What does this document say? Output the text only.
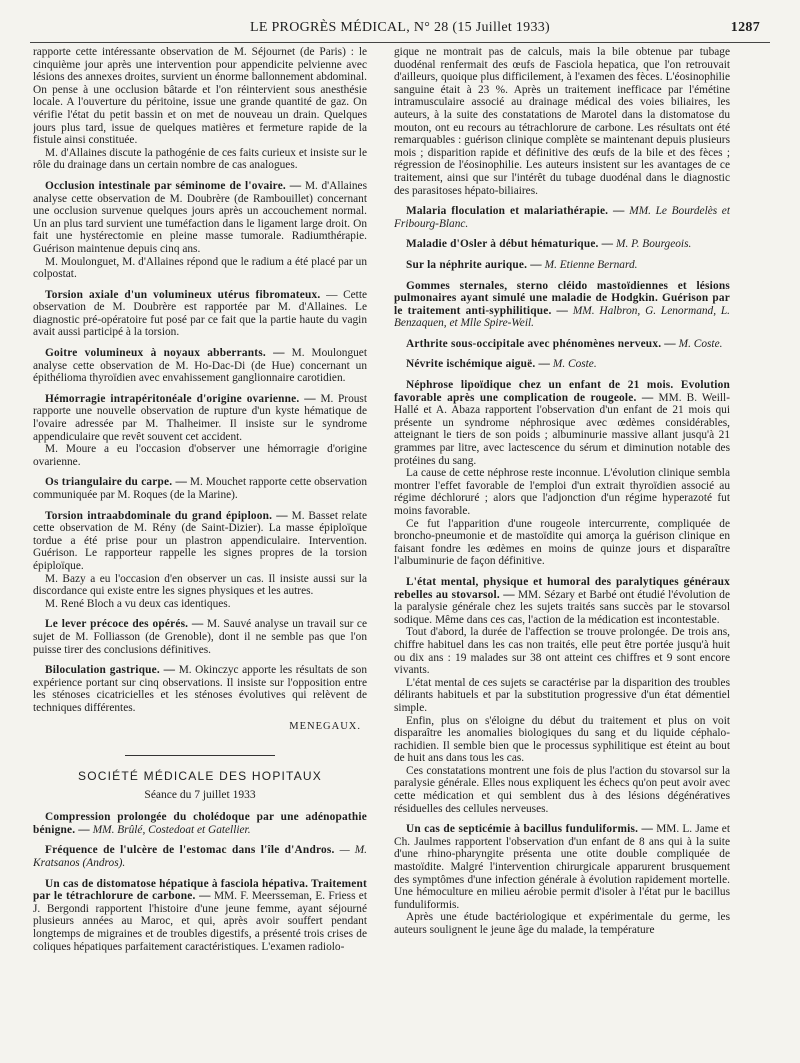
LE PROGRÈS MÉDICAL, N° 28 (15 Juillet 1933)	1287

rapporte cette intéressante observation de M. Séjournet (de Paris) : le cinquième jour après une intervention pour appendicite pelvienne avec lésions des annexes droites, survient un énorme ballonnement abdominal. On pense à une occlusion bâtarde et l'on réintervient sous anesthésie locale. A l'ouverture du péritoine, issue une grande quantité de gaz. On vérifie l'état du petit bassin et on met de nouveau un drain. Quelques jours plus tard, issue de quelques matières et fermeture rapide de la fistule ainsi constituée.

M. d'Allaines discute la pathogénie de ces faits curieux et insiste sur le rôle du drainage dans un certain nombre de cas analogues.

Occlusion intestinale par séminome de l'ovaire. — M. d'Allaines analyse cette observation de M. Doubrère (de Rambouillet) concernant une occlusion survenue quelques jours après un accouchement normal. Un an plus tard survient une tuméfaction dans le ligament large droit. On fait une hystérectomie en pleine masse tumorale. Radiumthérapie. Guérison maintenue depuis cinq ans.

M. Moulonguet, M. d'Allaines répond que le radium a été placé par un colpostat.

Torsion axiale d'un volumineux utérus fibromateux. — Cette observation de M. Doubrère est rapportée par M. d'Allaines. Le diagnostic pré-opératoire fut posé par ce fait que la partie haute du vagin avait aussi participé à la torsion.

Goitre volumineux à noyaux abberrants. — M. Moulonguet analyse cette observation de M. Ho-Dac-Di (de Hue) concernant un épithélioma thyroïdien avec envahissement ganglionnaire carotidien.

Hémorragie intrapéritonéale d'origine ovarienne. — M. Proust rapporte une nouvelle observation de rupture d'un kyste hématique de l'ovaire adressée par M. Thalheimer. Il insiste sur le syndrome appendiculaire que revêt souvent cet accident.

M. Moure a eu l'occasion d'observer une hémorragie d'origine ovarienne.

Os triangulaire du carpe. — M. Mouchet rapporte cette observation communiquée par M. Roques (de la Marine).

Torsion intraabdominale du grand épiploon. — M. Basset relate cette observation de M. Rény (de Saint-Dizier). La masse épiploïque tordue a été prise pour un plastron appendiculaire. Intervention. Guérison. Le rapporteur rappelle les signes propres de la torsion épiploïque.

M. Bazy a eu l'occasion d'en observer un cas. Il insiste aussi sur la discordance qui existe entre les signes physiques et les autres.

M. René Bloch a vu deux cas identiques.

Le lever précoce des opérés. — M. Sauvé analyse un travail sur ce sujet de M. Folliasson (de Grenoble), dont il ne semble pas que l'on puisse tirer des conclusions définitives.

Biloculation gastrique. — M. Okinczyc apporte les résultats de son expérience portant sur cinq observations. Il insiste sur l'opposition entre les sténoses cicatricielles et les sténoses évolutives qui relèvent de techniques différentes.

MENEGAUX.
SOCIÉTÉ MÉDICALE DES HOPITAUX
Séance du 7 juillet 1933

Compression prolongée du cholédoque par une adénopathie bénigne. — MM. Brûlé, Costedoat et Gatellier.

Fréquence de l'ulcère de l'estomac dans l'île d'Andros. — M. Kratsanos (Andros).

Un cas de distomatose hépatique à fasciola hépativa. Traitement par le tétrachlorure de carbone. — MM. F. Meersseman, E. Friess et J. Bergondi rapportent l'histoire d'une jeune femme, ayant séjourné plusieurs années au Maroc, et qui, après avoir souffert pendant longtemps de migraines et de troubles digestifs, a présenté trois crises de coliques hépatiques parfaitement caractéristiques. L'examen radiolo-

gique ne montrait pas de calculs, mais la bile obtenue par tubage duodénal renfermait des œufs de Fasciola hepatica, que l'on retrouvait d'ailleurs, quoique plus difficilement, à l'examen des fèces. L'éosinophilie sanguine était à 23 %. Après un traitement inefficace par l'émétine intramusculaire associé au drainage médical des voies biliaires, les auteurs, à la suite des constatations de Marotel dans la distomatose du mouton, ont eu recours au tétrachlorure de carbone. Les résultats ont été remarquables : guérison clinique complète se maintenant depuis plusieurs mois ; disparition rapide et définitive des œufs de la bile et des fèces ; régression de l'éosinophilie. Les auteurs insistent sur les avantages de ce traitement, ainsi que sur l'intérêt du tubage duodénal dans le diagnostic des parasitoses hépato-biliaires.

Malaria floculation et malariathérapie. — MM. Le Bourdelès et Fribourg-Blanc.

Maladie d'Osler à début hématurique. — M. P. Bourgeois.

Sur la néphrite aurique. — M. Etienne Bernard.

Gommes sternales, sterno cléido mastoïdiennes et lésions pulmonaires ayant simulé une maladie de Hodgkin. Guérison par le traitement anti-syphilitique. — MM. Halbron, G. Lenormand, L. Benzaquen, et Mlle Spire-Weil.

Arthrite sous-occipitale avec phénomènes nerveux. — M. Coste.

Névrite ischémique aiguë. — M. Coste.

Néphrose lipoïdique chez un enfant de 21 mois. Evolution favorable après une complication de rougeole. — MM. B. Weill-Hallé et A. Abaza rapportent l'observation d'un enfant de 21 mois qui présente un syndrome néphrosique avec œdèmes considérables, atteignant le tiers de son poids ; albuminurie massive allant jusqu'à 21 grammes par litre, avec lactescence du sérum et diminution notable des protéines du sang.

La cause de cette néphrose reste inconnue. L'évolution clinique sembla montrer l'effet favorable de l'emploi d'un extrait thyroïdien associé au régime déchloruré ; alors que l'adjonction d'un régime hyperazoté fut moins favorable.

Ce fut l'apparition d'une rougeole intercurrente, compliquée de broncho-pneumonie et de mastoïdite qui amorça la guérison clinique en faisant fondre les œdèmes en moins de quinze jours et disparaître l'albuminurie de façon définitive.

L'état mental, physique et humoral des paralytiques généraux rebelles au stovarsol. — MM. Sézary et Barbé ont étudié l'évolution de la paralysie générale chez les sujets traités sans succès par le stovarsol sodique. Même dans ces cas, l'action de la médication est incontestable.

Tout d'abord, la durée de l'affection se trouve prolongée. De trois ans, chiffre habituel dans les cas non traités, elle peut être portée jusqu'à huit ou dix ans : 19 malades sur 38 ont atteint ces chiffres et 9 sont encore vivants.

L'état mental de ces sujets se caractérise par la disparition des troubles délirants habituels et par la substitution progressive d'un état démentiel simple.

Enfin, plus on s'éloigne du début du traitement et plus on voit disparaître les anomalies biologiques du sang et du liquide céphalo-rachidien. Il semble bien que le processus syphilitique est éteint au bout de huit ans dans tous les cas.

Ces constatations montrent une fois de plus l'action du stovarsol sur la paralysie générale. Elles nous expliquent les échecs qu'on peut avoir avec cette médication et qui semblent dus à des lésions dégénératives résiduelles des cellules nerveuses.

Un cas de septicémie à bacillus funduliformis. — MM. L. Jame et Ch. Jaulmes rapportent l'observation d'un enfant de 8 ans qui à la suite d'une rhino-pharyngite présenta une otite double compliquée de mastoïdite. Malgré l'intervention chirurgicale apparurent brusquement des symptômes d'une infection générale à évolution rapidement mortelle. Une hémoculture en milieu aérobie permit d'isoler à l'état pur le bacillus funduliformis.

Après une étude bactériologique et expérimentale du germe, les auteurs soulignent le jeune âge du malade, la température
